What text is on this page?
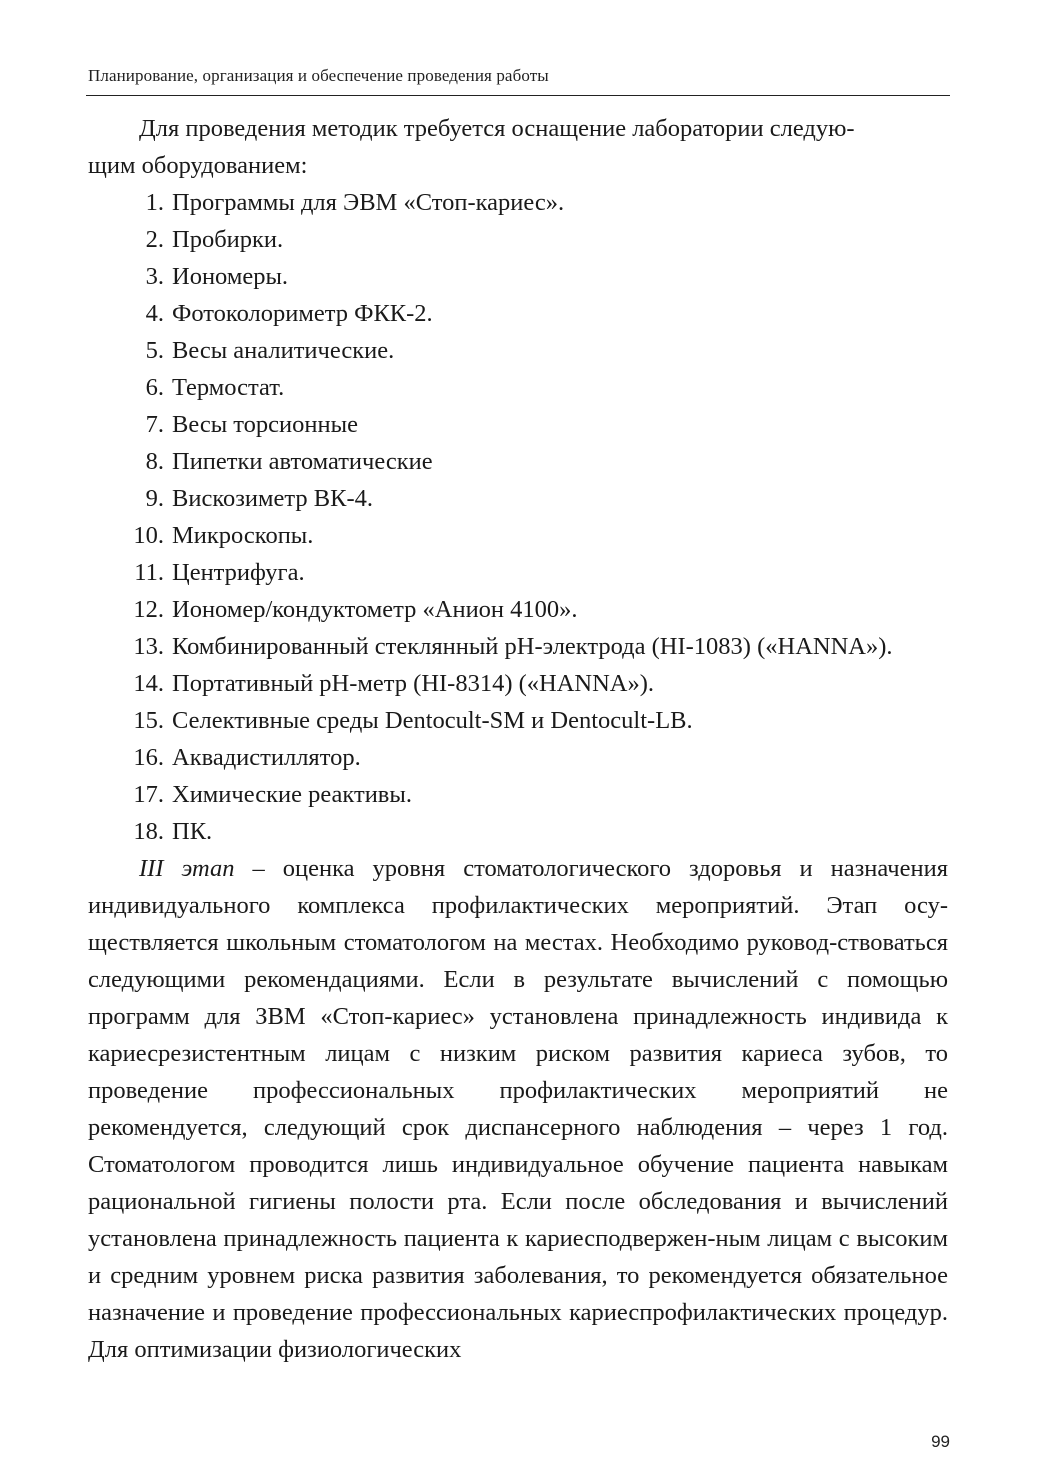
Планирование, организация и обеспечение проведения работы

Для проведения методик требуется оснащение лаборатории следую-
щим оборудованием:

1. Программы для ЭВМ «Стоп-кариес».
2. Пробирки.
3. Иономеры.
4. Фотоколориметр ФКК-2.
5. Весы аналитические.
6. Термостат.
7. Весы торсионные
8. Пипетки автоматические
9. Вискозиметр ВК-4.
10. Микроскопы.
11. Центрифуга.
12. Иономер/кондуктометр «Анион 4100».
13. Комбинированный стеклянный рН-электрода (HI-1083) («HANNA»).
14. Портативный рН-метр (HI-8314) («HANNA»).
15. Селективные среды Dentocult-SM и Dentocult-LB.
16. Аквадистиллятор.
17. Химические реактивы.
18. ПК.

III этап – оценка уровня стоматологического здоровья и назначения индивидуального комплекса профилактических мероприятий. Этап осу-ществляется школьным стоматологом на местах. Необходимо руковод-ствоваться следующими рекомендациями. Если в результате вычислений с помощью программ для ЗВМ «Стоп-кариес» установлена принадлежность индивида к кариесрезистентным лицам с низким риском развития кариеса зубов, то проведение профессиональных профилактических мероприятий не рекомендуется, следующий срок диспансерного наблюдения – через 1 год. Стоматологом проводится лишь индивидуальное обучение пациента навыкам рациональной гигиены полости рта. Если после обследования и вычислений установлена принадлежность пациента к кариесподвержен-ным лицам с высоким и средним уровнем риска развития заболевания, то рекомендуется обязательное назначение и проведение профессиональных кариеспрофилактических процедур. Для оптимизации физиологических

99
